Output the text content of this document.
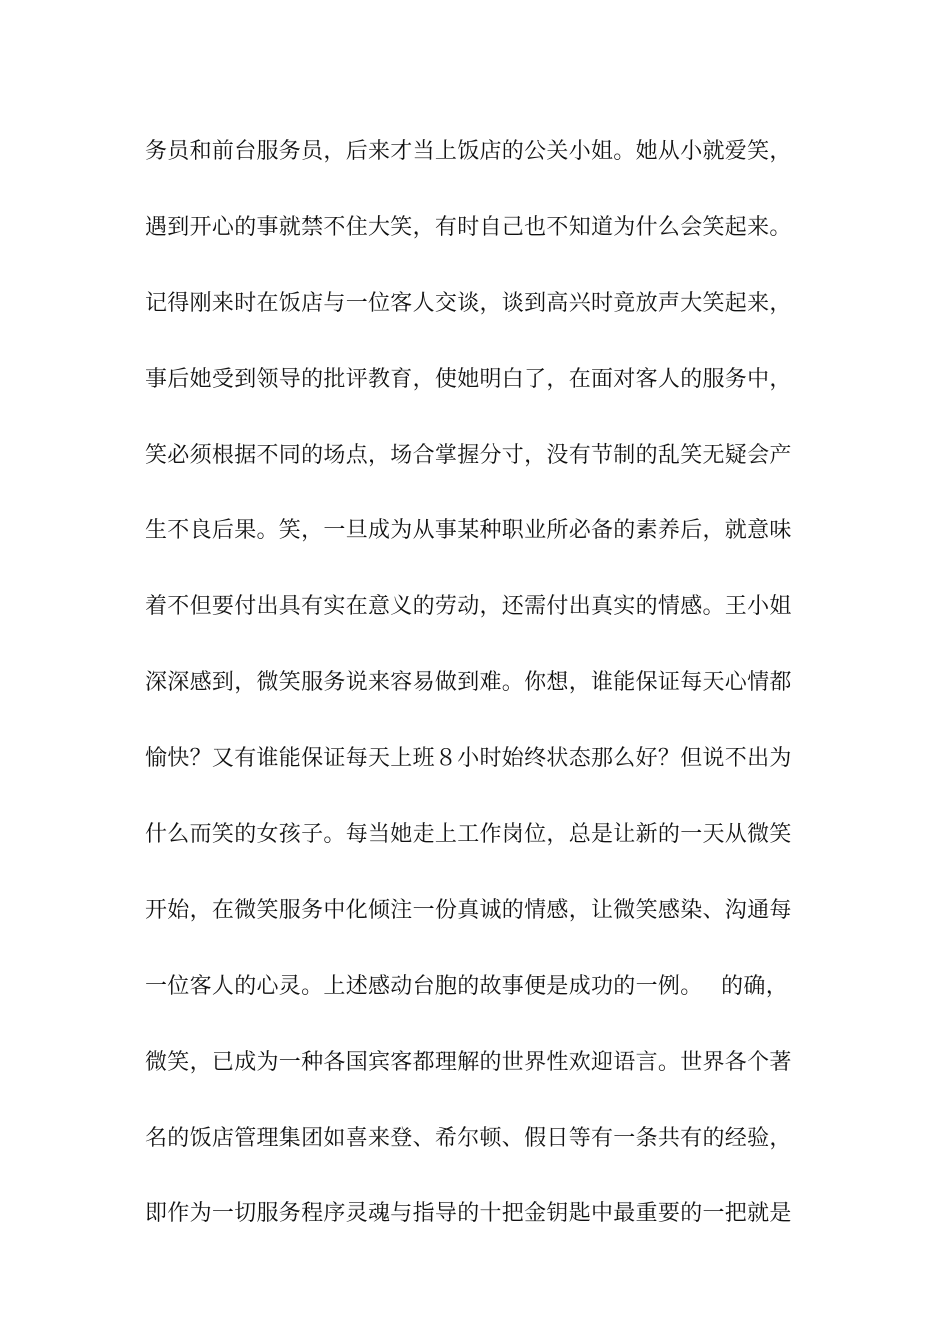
务员和前台服务员，后来才当上饭店的公关小姐。她从小就爱笑，
遇到开心的事就禁不住大笑，有时自己也不知道为什么会笑起来。
记得刚来时在饭店与一位客人交谈，谈到高兴时竟放声大笑起来，
事后她受到领导的批评教育，使她明白了，在面对客人的服务中，
笑必须根据不同的场点，场合掌握分寸，没有节制的乱笑无疑会产
生不良后果。笑，一旦成为从事某种职业所必备的素养后，就意味
着不但要付出具有实在意义的劳动，还需付出真实的情感。王小姐
深深感到，微笑服务说来容易做到难。你想，谁能保证每天心情都
愉快？又有谁能保证每天上班８小时始终状态那么好？但说不出为
什么而笑的女孩子。每当她走上工作岗位，总是让新的一天从微笑
开始，在微笑服务中化倾注一份真诚的情感，让微笑感染、沟通每
一位客人的心灵。上述感动台胞的故事便是成功的一例。　 的确，
微笑，已成为一种各国宾客都理解的世界性欢迎语言。世界各个著
名的饭店管理集团如喜来登、希尔顿、假日等有一条共有的经验，
即作为一切服务程序灵魂与指导的十把金钥匙中最重要的一把就是
